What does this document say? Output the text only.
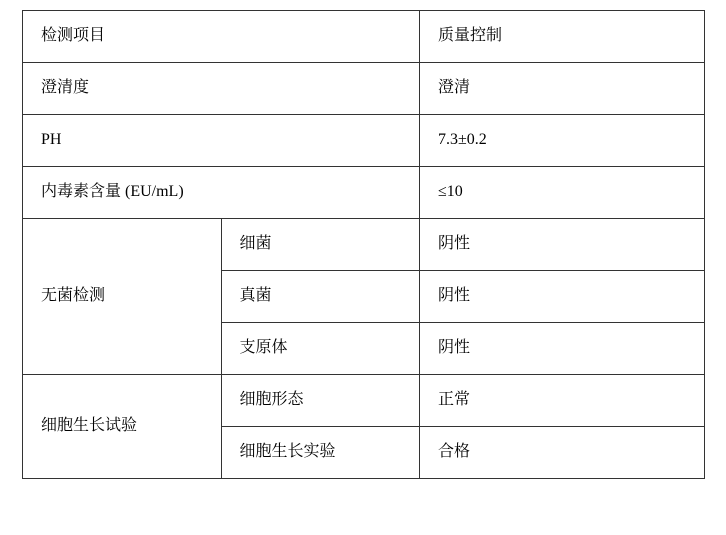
检测项目		质量控制
澄清度		澄清
PH		7.3±0.2
内毒素含量 (EU/mL)		≤10
无菌检测	细菌	阴性
	真菌	阴性
	支原体	阴性
细胞生长试验	细胞形态	正常
	细胞生长实验	合格
